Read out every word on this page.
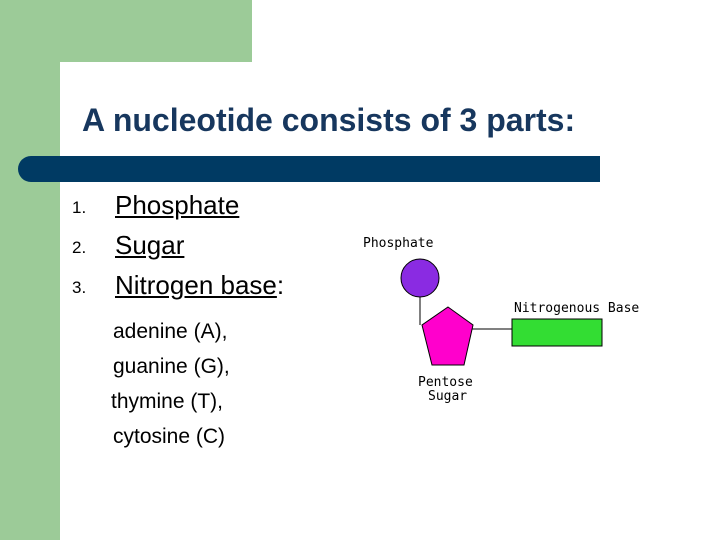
A nucleotide consists of 3 parts:
1.	Phosphate
2.	Sugar
3.	Nitrogen base:
adenine (A),
guanine (G),
thymine (T),
cytosine (C)
Phosphate
Pentose
Sugar
Nitrogenous Base
